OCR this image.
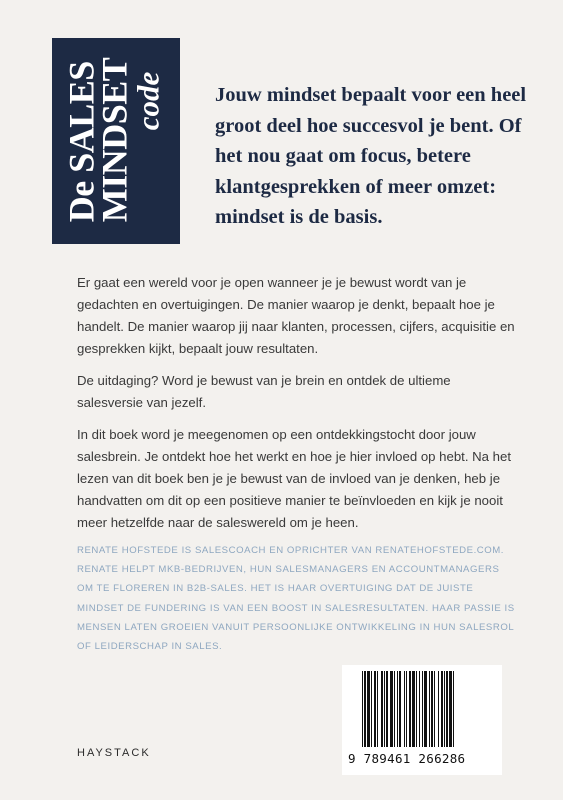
De SALES
MINDSET
code Jouw mindset bepaalt voor een heel groot deel hoe succesvol je bent. Of het nou gaat om focus, betere klantgesprekken of meer omzet: mindset is de basis.

Er gaat een wereld voor je open wanneer je je bewust wordt van je gedachten en overtuigingen. De manier waarop je denkt, bepaalt hoe je handelt. De manier waarop jij naar klanten, processen, cijfers, acquisitie en gesprekken kijkt, bepaalt jouw resultaten.

De uitdaging? Word je bewust van je brein en ontdek de ultieme salesversie van jezelf.

In dit boek word je meegenomen op een ontdekkingstocht door jouw salesbrein. Je ontdekt hoe het werkt en hoe je hier invloed op hebt. Na het lezen van dit boek ben je je bewust van de invloed van je denken, heb je handvatten om dit op een positieve manier te beïnvloeden en kijk je nooit meer hetzelfde naar de saleswereld om je heen.

RENATE HOFSTEDE IS SALESCOACH EN OPRICHTER VAN RENATEHOFSTEDE.COM. RENATE HELPT MKB-BEDRIJVEN, HUN SALESMANAGERS EN ACCOUNTMANAGERS OM TE FLOREREN IN B2B-SALES. HET IS HAAR OVERTUIGING DAT DE JUISTE MINDSET DE FUNDERING IS VAN EEN BOOST IN SALESRESULTATEN. HAAR PASSIE IS MENSEN LATEN GROEIEN VANUIT PERSOONLIJKE ONTWIKKELING IN HUN SALESROL OF LEIDERSCHAP IN SALES.

9 789461 266286
HAYSTACK
